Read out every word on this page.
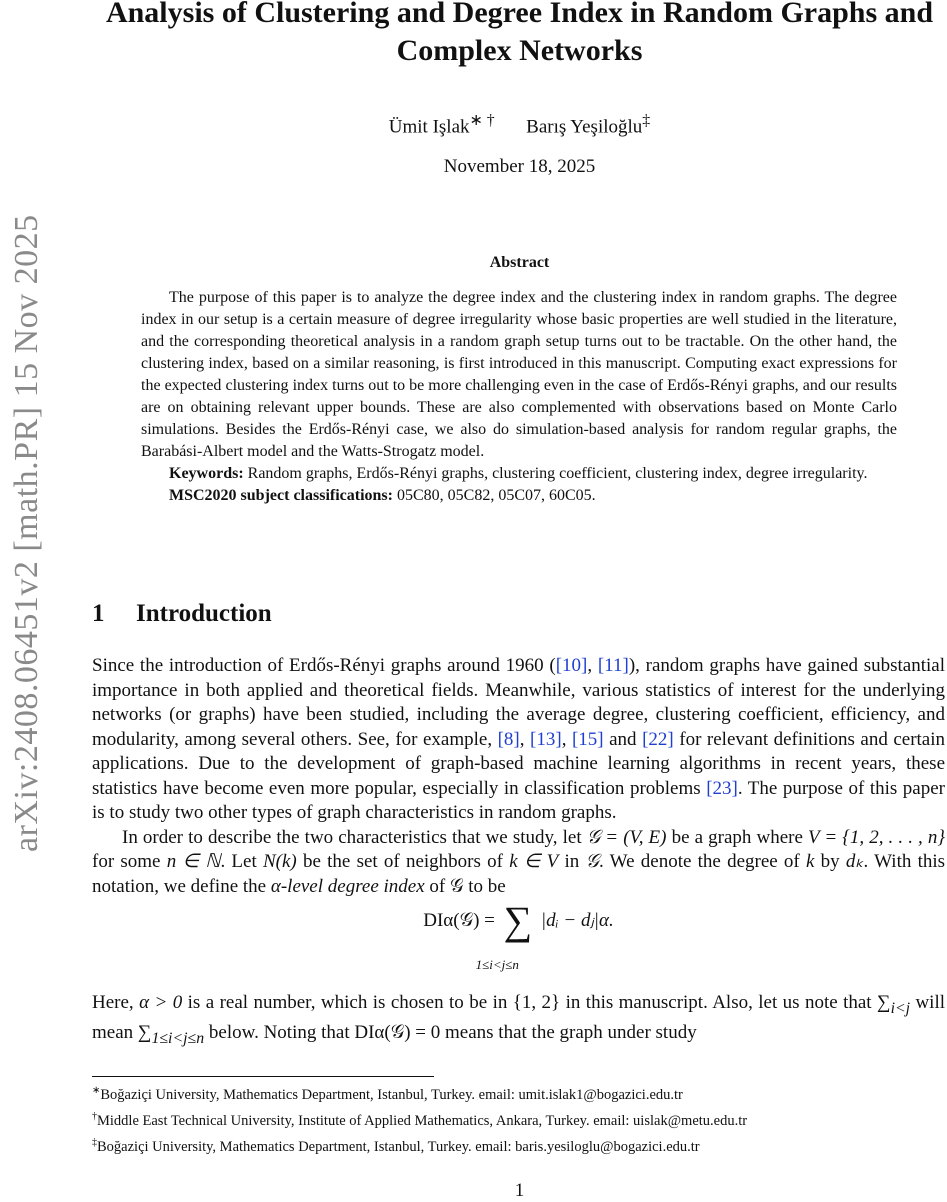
arXiv:2408.06451v2 [math.PR] 15 Nov 2025
Analysis of Clustering and Degree Index in Random Graphs and Complex Networks
Ümit Işlak∗ † Barış Yeşiloğlu‡
November 18, 2025
Abstract

The purpose of this paper is to analyze the degree index and the clustering index in random graphs. The degree index in our setup is a certain measure of degree irregularity whose basic properties are well studied in the literature, and the corresponding theoretical analysis in a random graph setup turns out to be tractable. On the other hand, the clustering index, based on a similar reasoning, is first introduced in this manuscript. Computing exact expressions for the expected clustering index turns out to be more challenging even in the case of Erdős-Rényi graphs, and our results are on obtaining relevant upper bounds. These are also complemented with observations based on Monte Carlo simulations. Besides the Erdős-Rényi case, we also do simulation-based analysis for random regular graphs, the Barabási-Albert model and the Watts-Strogatz model.

Keywords: Random graphs, Erdős-Rényi graphs, clustering coefficient, clustering index, degree irregularity.

MSC2020 subject classifications: 05C80, 05C82, 05C07, 60C05.

1 Introduction

Since the introduction of Erdős-Rényi graphs around 1960 ([10], [11]), random graphs have gained substantial importance in both applied and theoretical fields. Meanwhile, various statistics of interest for the underlying networks (or graphs) have been studied, including the average degree, clustering coefficient, efficiency, and modularity, among several others. See, for example, [8], [13], [15] and [22] for relevant definitions and certain applications. Due to the development of graph-based machine learning algorithms in recent years, these statistics have become even more popular, especially in classification problems [23]. The purpose of this paper is to study two other types of graph characteristics in random graphs.

In order to describe the two characteristics that we study, let 𝒢 = (V, E) be a graph where V = {1, 2, . . . , n} for some n ∈ ℕ. Let N(k) be the set of neighbors of k ∈ V in 𝒢. We denote the degree of k by dₖ. With this notation, we define the α-level degree index of 𝒢 to be

DIα(𝒢) = ∑
1≤i<j≤n
|dᵢ − dⱼ|α.

Here, α > 0 is a real number, which is chosen to be in {1, 2} in this manuscript. Also, let us note that $\sum_{i<j}$ will mean $\sum_{1\le i<j\le n}$ below. Noting that DIα(𝒢) = 0 means that the graph under study

∗Boğaziçi University, Mathematics Department, Istanbul, Turkey. email: umit.islak1@bogazici.edu.tr
†Middle East Technical University, Institute of Applied Mathematics, Ankara, Turkey. email: uislak@metu.edu.tr
‡Boğaziçi University, Mathematics Department, Istanbul, Turkey. email: baris.yesiloglu@bogazici.edu.tr
1
